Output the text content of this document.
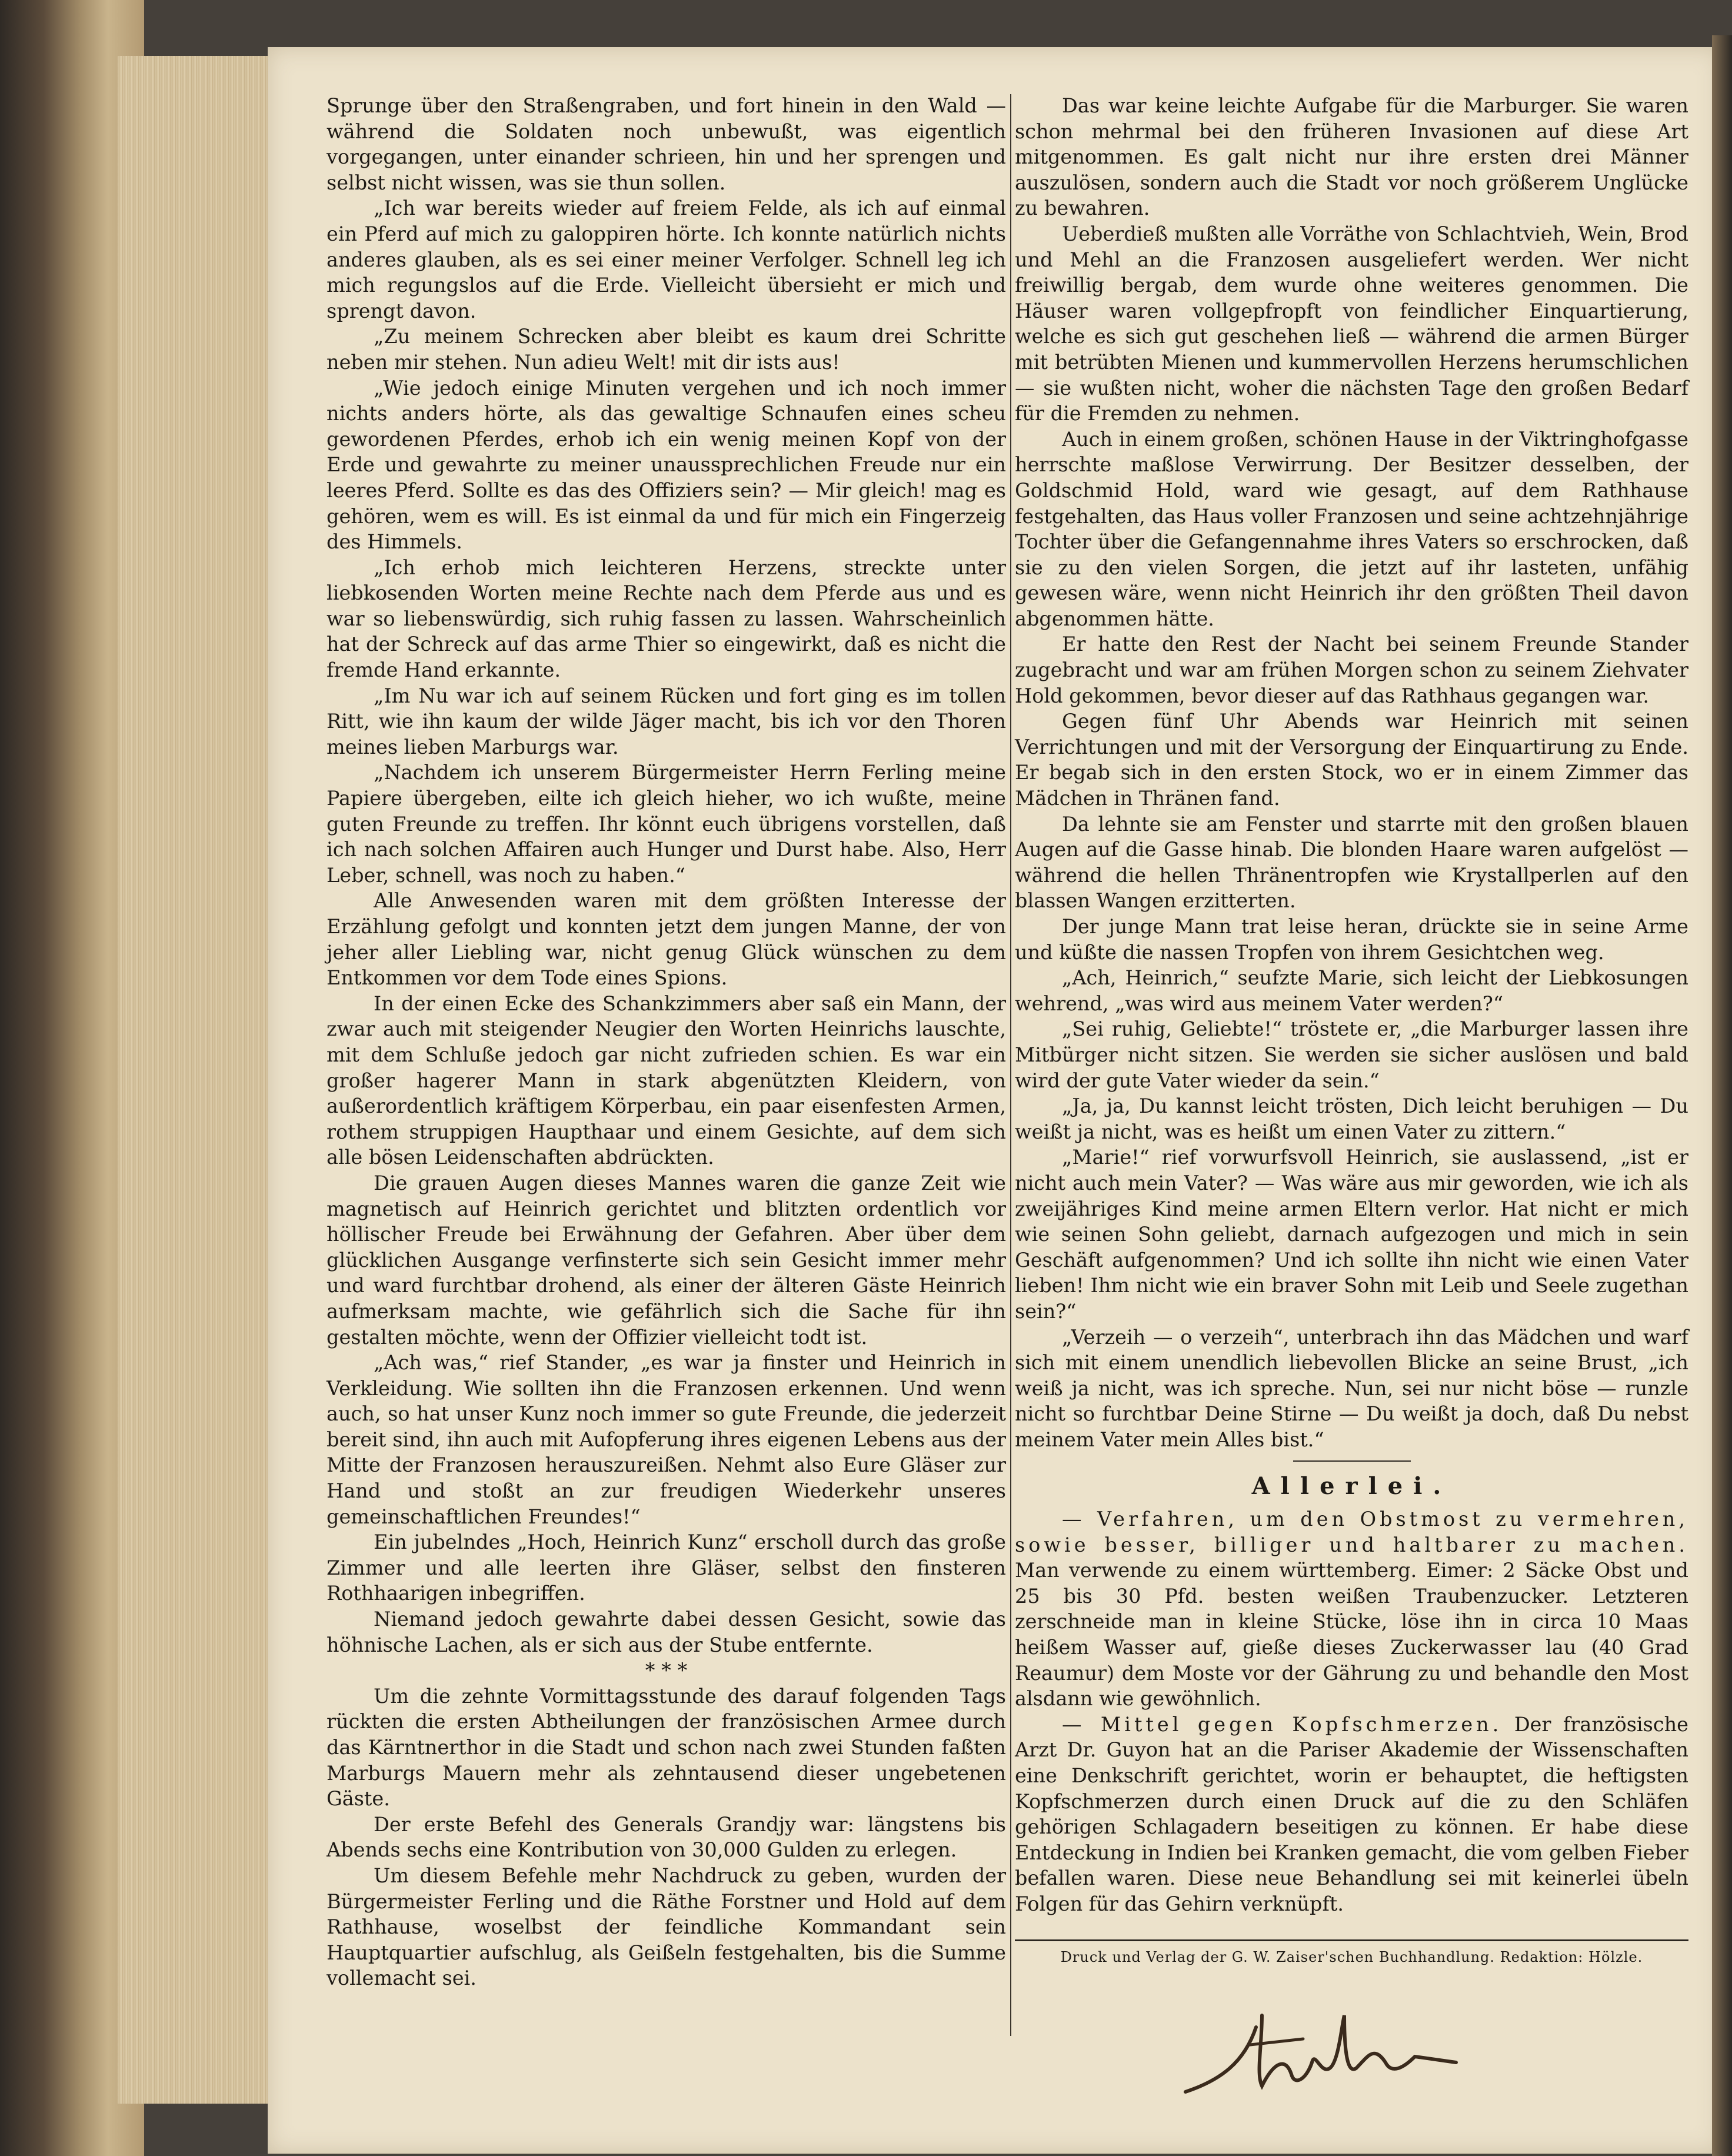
Sprunge über den Straßengraben, und fort hinein in den Wald — während die Soldaten noch unbewußt, was eigentlich vorgegangen, unter einander schrieen, hin und her sprengen und selbst nicht wissen, was sie thun sollen.

„Ich war bereits wieder auf freiem Felde, als ich auf einmal ein Pferd auf mich zu galoppiren hörte. Ich konnte natürlich nichts anderes glauben, als es sei einer meiner Verfolger. Schnell leg ich mich regungslos auf die Erde. Vielleicht übersieht er mich und sprengt davon.

„Zu meinem Schrecken aber bleibt es kaum drei Schritte neben mir stehen. Nun adieu Welt! mit dir ists aus!

„Wie jedoch einige Minuten vergehen und ich noch immer nichts anders hörte, als das gewaltige Schnaufen eines scheu gewordenen Pferdes, erhob ich ein wenig meinen Kopf von der Erde und gewahrte zu meiner unaussprechlichen Freude nur ein leeres Pferd. Sollte es das des Offiziers sein? — Mir gleich! mag es gehören, wem es will. Es ist einmal da und für mich ein Fingerzeig des Himmels.

„Ich erhob mich leichteren Herzens, streckte unter liebkosenden Worten meine Rechte nach dem Pferde aus und es war so liebenswürdig, sich ruhig fassen zu lassen. Wahrscheinlich hat der Schreck auf das arme Thier so eingewirkt, daß es nicht die fremde Hand erkannte.

„Im Nu war ich auf seinem Rücken und fort ging es im tollen Ritt, wie ihn kaum der wilde Jäger macht, bis ich vor den Thoren meines lieben Marburgs war.

„Nachdem ich unserem Bürgermeister Herrn Ferling meine Papiere übergeben, eilte ich gleich hieher, wo ich wußte, meine guten Freunde zu treffen. Ihr könnt euch übrigens vorstellen, daß ich nach solchen Affairen auch Hunger und Durst habe. Also, Herr Leber, schnell, was noch zu haben.“

Alle Anwesenden waren mit dem größten Interesse der Erzählung gefolgt und konnten jetzt dem jungen Manne, der von jeher aller Liebling war, nicht genug Glück wünschen zu dem Entkommen vor dem Tode eines Spions.

In der einen Ecke des Schankzimmers aber saß ein Mann, der zwar auch mit steigender Neugier den Worten Heinrichs lauschte, mit dem Schluße jedoch gar nicht zufrieden schien. Es war ein großer hagerer Mann in stark abgenützten Kleidern, von außerordentlich kräftigem Körperbau, ein paar eisenfesten Armen, rothem struppigen Haupthaar und einem Gesichte, auf dem sich alle bösen Leidenschaften abdrückten.

Die grauen Augen dieses Mannes waren die ganze Zeit wie magnetisch auf Heinrich gerichtet und blitzten ordentlich vor höllischer Freude bei Erwähnung der Gefahren. Aber über dem glücklichen Ausgange verfinsterte sich sein Gesicht immer mehr und ward furchtbar drohend, als einer der älteren Gäste Heinrich aufmerksam machte, wie gefährlich sich die Sache für ihn gestalten möchte, wenn der Offizier vielleicht todt ist.

„Ach was,“ rief Stander, „es war ja finster und Heinrich in Verkleidung. Wie sollten ihn die Franzosen erkennen. Und wenn auch, so hat unser Kunz noch immer so gute Freunde, die jederzeit bereit sind, ihn auch mit Aufopferung ihres eigenen Lebens aus der Mitte der Franzosen herauszureißen. Nehmt also Eure Gläser zur Hand und stoßt an zur freudigen Wiederkehr unseres gemeinschaftlichen Freundes!“

Ein jubelndes „Hoch, Heinrich Kunz“ erscholl durch das große Zimmer und alle leerten ihre Gläser, selbst den finsteren Rothhaarigen inbegriffen.

Niemand jedoch gewahrte dabei dessen Gesicht, sowie das höhnische Lachen, als er sich aus der Stube entfernte.

* * *

Um die zehnte Vormittagsstunde des darauf folgenden Tags rückten die ersten Abtheilungen der französischen Armee durch das Kärntnerthor in die Stadt und schon nach zwei Stunden faßten Marburgs Mauern mehr als zehntausend dieser ungebetenen Gäste.

Der erste Befehl des Generals Grandjy war: längstens bis Abends sechs eine Kontribution von 30,000 Gulden zu erlegen.

Um diesem Befehle mehr Nachdruck zu geben, wurden der Bürgermeister Ferling und die Räthe Forstner und Hold auf dem Rathhause, woselbst der feindliche Kommandant sein Hauptquartier aufschlug, als Geißeln festgehalten, bis die Summe vollemacht sei.

Das war keine leichte Aufgabe für die Marburger. Sie waren schon mehrmal bei den früheren Invasionen auf diese Art mitgenommen. Es galt nicht nur ihre ersten drei Männer auszulösen, sondern auch die Stadt vor noch größerem Unglücke zu bewahren.

Ueberdieß mußten alle Vorräthe von Schlachtvieh, Wein, Brod und Mehl an die Franzosen ausgeliefert werden. Wer nicht freiwillig bergab, dem wurde ohne weiteres genommen. Die Häuser waren vollgepfropft von feindlicher Einquartierung, welche es sich gut geschehen ließ — während die armen Bürger mit betrübten Mienen und kummervollen Herzens herumschlichen — sie wußten nicht, woher die nächsten Tage den großen Bedarf für die Fremden zu nehmen.

Auch in einem großen, schönen Hause in der Viktringhofgasse herrschte maßlose Verwirrung. Der Besitzer desselben, der Goldschmid Hold, ward wie gesagt, auf dem Rathhause festgehalten, das Haus voller Franzosen und seine achtzehnjährige Tochter über die Gefangennahme ihres Vaters so erschrocken, daß sie zu den vielen Sorgen, die jetzt auf ihr lasteten, unfähig gewesen wäre, wenn nicht Heinrich ihr den größten Theil davon abgenommen hätte.

Er hatte den Rest der Nacht bei seinem Freunde Stander zugebracht und war am frühen Morgen schon zu seinem Ziehvater Hold gekommen, bevor dieser auf das Rathhaus gegangen war.

Gegen fünf Uhr Abends war Heinrich mit seinen Verrichtungen und mit der Versorgung der Einquartirung zu Ende. Er begab sich in den ersten Stock, wo er in einem Zimmer das Mädchen in Thränen fand.

Da lehnte sie am Fenster und starrte mit den großen blauen Augen auf die Gasse hinab. Die blonden Haare waren aufgelöst — während die hellen Thränentropfen wie Krystallperlen auf den blassen Wangen erzitterten.

Der junge Mann trat leise heran, drückte sie in seine Arme und küßte die nassen Tropfen von ihrem Gesichtchen weg.

„Ach, Heinrich,“ seufzte Marie, sich leicht der Liebkosungen wehrend, „was wird aus meinem Vater werden?“

„Sei ruhig, Geliebte!“ tröstete er, „die Marburger lassen ihre Mitbürger nicht sitzen. Sie werden sie sicher auslösen und bald wird der gute Vater wieder da sein.“

„Ja, ja, Du kannst leicht trösten, Dich leicht beruhigen — Du weißt ja nicht, was es heißt um einen Vater zu zittern.“

„Marie!“ rief vorwurfsvoll Heinrich, sie auslassend, „ist er nicht auch mein Vater? — Was wäre aus mir geworden, wie ich als zweijähriges Kind meine armen Eltern verlor. Hat nicht er mich wie seinen Sohn geliebt, darnach aufgezogen und mich in sein Geschäft aufgenommen? Und ich sollte ihn nicht wie einen Vater lieben! Ihm nicht wie ein braver Sohn mit Leib und Seele zugethan sein?“

„Verzeih — o verzeih“, unterbrach ihn das Mädchen und warf sich mit einem unendlich liebevollen Blicke an seine Brust, „ich weiß ja nicht, was ich spreche. Nun, sei nur nicht böse — runzle nicht so furchtbar Deine Stirne — Du weißt ja doch, daß Du nebst meinem Vater mein Alles bist.“

Allerlei.

— Verfahren, um den Obstmost zu vermehren, sowie besser, billiger und haltbarer zu machen. Man verwende zu einem württemberg. Eimer: 2 Säcke Obst und 25 bis 30 Pfd. besten weißen Traubenzucker. Letzteren zerschneide man in kleine Stücke, löse ihn in circa 10 Maas heißem Wasser auf, gieße dieses Zuckerwasser lau (40 Grad Reaumur) dem Moste vor der Gährung zu und behandle den Most alsdann wie gewöhnlich.

— Mittel gegen Kopfschmerzen. Der französische Arzt Dr. Guyon hat an die Pariser Akademie der Wissenschaften eine Denkschrift gerichtet, worin er behauptet, die heftigsten Kopfschmerzen durch einen Druck auf die zu den Schläfen gehörigen Schlagadern beseitigen zu können. Er habe diese Entdeckung in Indien bei Kranken gemacht, die vom gelben Fieber befallen waren. Diese neue Behandlung sei mit keinerlei übeln Folgen für das Gehirn verknüpft.

Druck und Verlag der G. W. Zaiser'schen Buchhandlung. Redaktion: Hölzle.
